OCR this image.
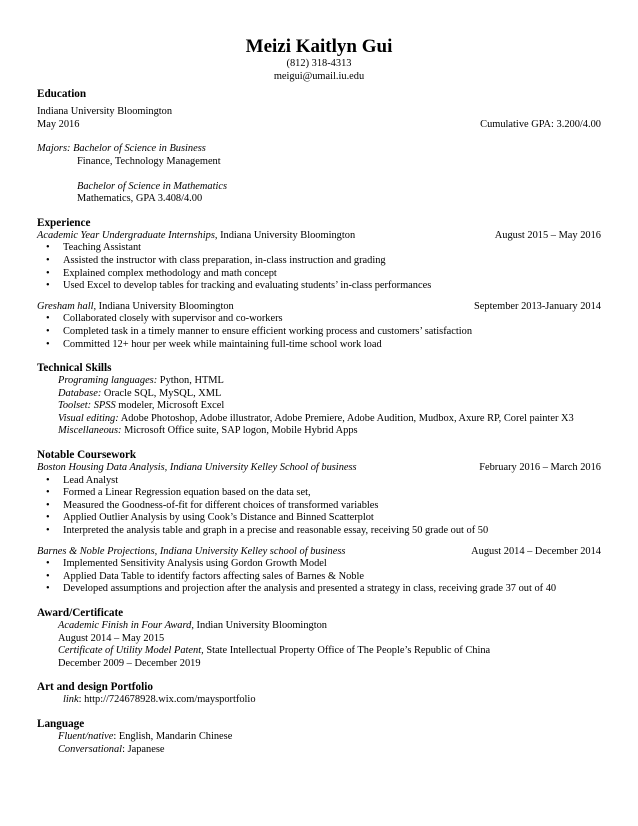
Meizi Kaitlyn Gui
(812) 318-4313
meigui@umail.iu.edu
Education
Indiana University Bloomington
May 2016	Cumulative GPA: 3.200/4.00
Majors: Bachelor of Science in Business
Finance, Technology Management
Bachelor of Science in Mathematics
Mathematics, GPA 3.408/4.00
Experience
Academic Year Undergraduate Internships, Indiana University Bloomington	August 2015 – May 2016
• Teaching Assistant
• Assisted the instructor with class preparation, in-class instruction and grading
• Explained complex methodology and math concept
• Used Excel to develop tables for tracking and evaluating students’ in-class performances
Gresham hall, Indiana University Bloomington	September 2013-January 2014
• Collaborated closely with supervisor and co-workers
• Completed task in a timely manner to ensure efficient working process and customers’ satisfaction
• Committed 12+ hour per week while maintaining full-time school work load
Technical Skills
Programing languages: Python, HTML
Database: Oracle SQL, MySQL, XML
Toolset: SPSS modeler, Microsoft Excel
Visual editing: Adobe Photoshop, Adobe illustrator, Adobe Premiere, Adobe Audition, Mudbox, Axure RP, Corel painter X3
Miscellaneous: Microsoft Office suite, SAP logon, Mobile Hybrid Apps
Notable Coursework
Boston Housing Data Analysis, Indiana University Kelley School of business	February 2016 – March 2016
• Lead Analyst
• Formed a Linear Regression equation based on the data set,
• Measured the Goodness-of-fit for different choices of transformed variables
• Applied Outlier Analysis by using Cook’s Distance and Binned Scatterplot
• Interpreted the analysis table and graph in a precise and reasonable essay, receiving 50 grade out of 50
Barnes & Noble Projections, Indiana University Kelley school of business	August 2014 – December 2014
• Implemented Sensitivity Analysis using Gordon Growth Model
• Applied Data Table to identify factors affecting sales of Barnes & Noble
• Developed assumptions and projection after the analysis and presented a strategy in class, receiving grade 37 out of 40
Award/Certificate
Academic Finish in Four Award, Indian University Bloomington
August 2014 – May 2015
Certificate of Utility Model Patent, State Intellectual Property Office of The People’s Republic of China
December 2009 – December 2019
Art and design Portfolio
link: http://724678928.wix.com/maysportfolio
Language
Fluent/native: English, Mandarin Chinese
Conversational: Japanese
